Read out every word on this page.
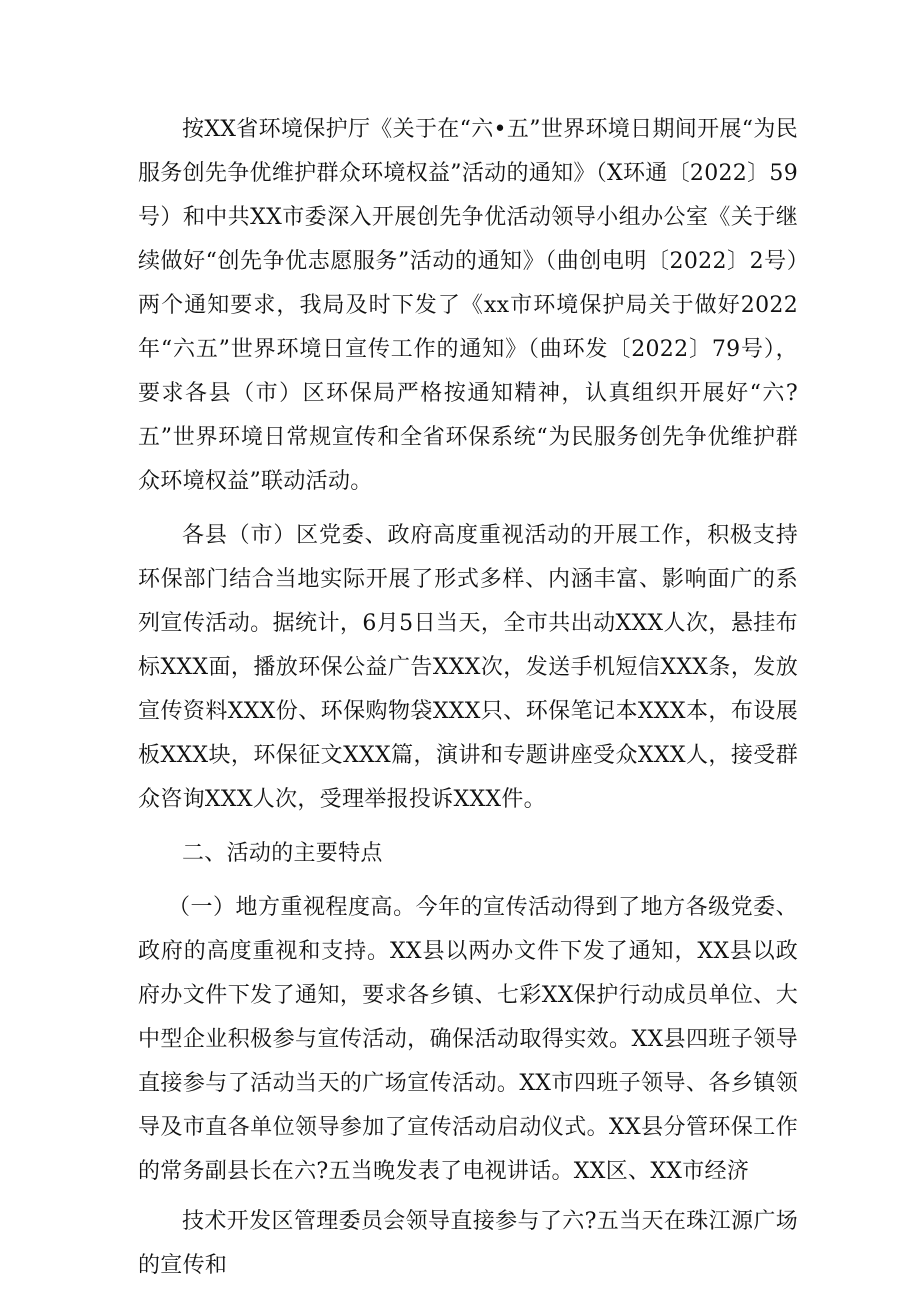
按XX省环境保护厅《关于在“六•五”世界环境日期间开展“为民服务创先争优维护群众环境权益”活动的通知》（X环通〔2022〕59号）和中共XX市委深入开展创先争优活动领导小组办公室《关于继续做好“创先争优志愿服务”活动的通知》（曲创电明〔2022〕2号）两个通知要求，我局及时下发了《xx市环境保护局关于做好2022年“六五”世界环境日宣传工作的通知》（曲环发〔2022〕79号），要求各县（市）区环保局严格按通知精神，认真组织开展好“六?五”世界环境日常规宣传和全省环保系统“为民服务创先争优维护群众环境权益”联动活动。

各县（市）区党委、政府高度重视活动的开展工作，积极支持环保部门结合当地实际开展了形式多样、内涵丰富、影响面广的系列宣传活动。据统计，6月5日当天，全市共出动XXX人次，悬挂布标XXX面，播放环保公益广告XXX次，发送手机短信XXX条，发放宣传资料XXX份、环保购物袋XXX只、环保笔记本XXX本，布设展板XXX块，环保征文XXX篇，演讲和专题讲座受众XXX人，接受群众咨询XXX人次，受理举报投诉XXX件。

二、活动的主要特点

（一）地方重视程度高。今年的宣传活动得到了地方各级党委、政府的高度重视和支持。XX县以两办文件下发了通知，XX县以政府办文件下发了通知，要求各乡镇、七彩XX保护行动成员单位、大中型企业积极参与宣传活动，确保活动取得实效。XX县四班子领导直接参与了活动当天的广场宣传活动。XX市四班子领导、各乡镇领导及市直各单位领导参加了宣传活动启动仪式。XX县分管环保工作的常务副县长在六?五当晚发表了电视讲话。XX区、XX市经济

技术开发区管理委员会领导直接参与了六?五当天在珠江源广场的宣传和
